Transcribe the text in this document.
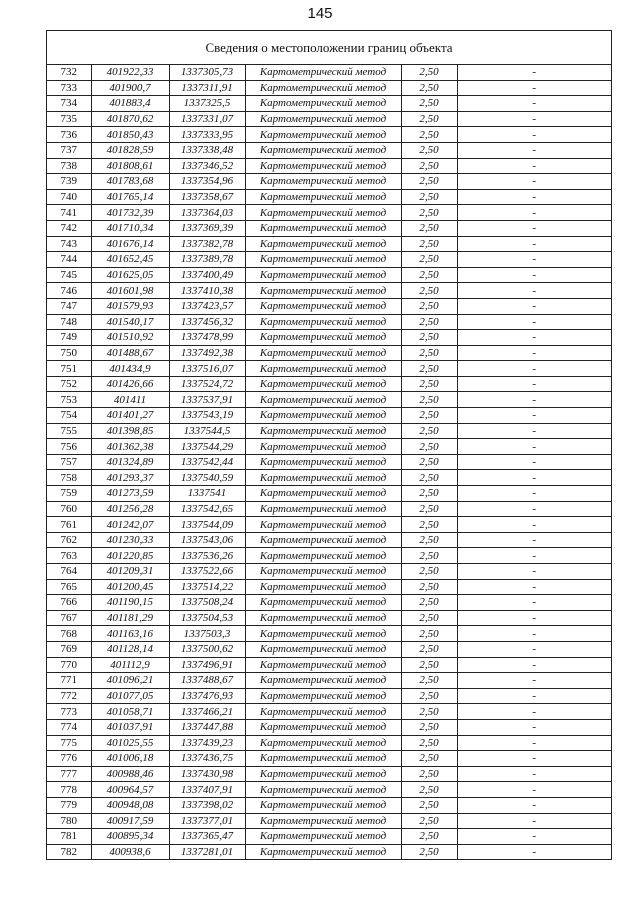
145
Сведения о местоположении границ объекта
732	401922,33	1337305,73	Картометрический метод	2,50	-
733	401900,7	1337311,91	Картометрический метод	2,50	-
734	401883,4	1337325,5	Картометрический метод	2,50	-
735	401870,62	1337331,07	Картометрический метод	2,50	-
736	401850,43	1337333,95	Картометрический метод	2,50	-
737	401828,59	1337338,48	Картометрический метод	2,50	-
738	401808,61	1337346,52	Картометрический метод	2,50	-
739	401783,68	1337354,96	Картометрический метод	2,50	-
740	401765,14	1337358,67	Картометрический метод	2,50	-
741	401732,39	1337364,03	Картометрический метод	2,50	-
742	401710,34	1337369,39	Картометрический метод	2,50	-
743	401676,14	1337382,78	Картометрический метод	2,50	-
744	401652,45	1337389,78	Картометрический метод	2,50	-
745	401625,05	1337400,49	Картометрический метод	2,50	-
746	401601,98	1337410,38	Картометрический метод	2,50	-
747	401579,93	1337423,57	Картометрический метод	2,50	-
748	401540,17	1337456,32	Картометрический метод	2,50	-
749	401510,92	1337478,99	Картометрический метод	2,50	-
750	401488,67	1337492,38	Картометрический метод	2,50	-
751	401434,9	1337516,07	Картометрический метод	2,50	-
752	401426,66	1337524,72	Картометрический метод	2,50	-
753	401411	1337537,91	Картометрический метод	2,50	-
754	401401,27	1337543,19	Картометрический метод	2,50	-
755	401398,85	1337544,5	Картометрический метод	2,50	-
756	401362,38	1337544,29	Картометрический метод	2,50	-
757	401324,89	1337542,44	Картометрический метод	2,50	-
758	401293,37	1337540,59	Картометрический метод	2,50	-
759	401273,59	1337541	Картометрический метод	2,50	-
760	401256,28	1337542,65	Картометрический метод	2,50	-
761	401242,07	1337544,09	Картометрический метод	2,50	-
762	401230,33	1337543,06	Картометрический метод	2,50	-
763	401220,85	1337536,26	Картометрический метод	2,50	-
764	401209,31	1337522,66	Картометрический метод	2,50	-
765	401200,45	1337514,22	Картометрический метод	2,50	-
766	401190,15	1337508,24	Картометрический метод	2,50	-
767	401181,29	1337504,53	Картометрический метод	2,50	-
768	401163,16	1337503,3	Картометрический метод	2,50	-
769	401128,14	1337500,62	Картометрический метод	2,50	-
770	401112,9	1337496,91	Картометрический метод	2,50	-
771	401096,21	1337488,67	Картометрический метод	2,50	-
772	401077,05	1337476,93	Картометрический метод	2,50	-
773	401058,71	1337466,21	Картометрический метод	2,50	-
774	401037,91	1337447,88	Картометрический метод	2,50	-
775	401025,55	1337439,23	Картометрический метод	2,50	-
776	401006,18	1337436,75	Картометрический метод	2,50	-
777	400988,46	1337430,98	Картометрический метод	2,50	-
778	400964,57	1337407,91	Картометрический метод	2,50	-
779	400948,08	1337398,02	Картометрический метод	2,50	-
780	400917,59	1337377,01	Картометрический метод	2,50	-
781	400895,34	1337365,47	Картометрический метод	2,50	-
782	400938,6	1337281,01	Картометрический метод	2,50	-
